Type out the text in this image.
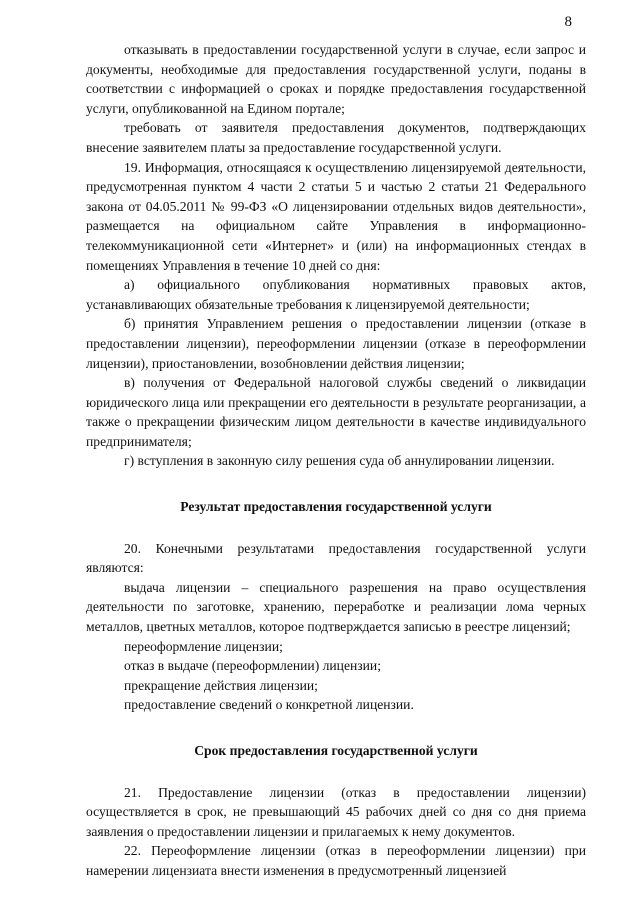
8

отказывать в предоставлении государственной услуги в случае, если запрос и документы, необходимые для предоставления государственной услуги, поданы в соответствии с информацией о сроках и порядке предоставления государственной услуги, опубликованной на Едином портале;

требовать от заявителя предоставления документов, подтверждающих внесение заявителем платы за предоставление государственной услуги.

19. Информация, относящаяся к осуществлению лицензируемой деятельности, предусмотренная пунктом 4 части 2 статьи 5 и частью 2 статьи 21 Федерального закона от 04.05.2011 № 99-ФЗ «О лицензировании отдельных видов деятельности», размещается на официальном сайте Управления в информационно-телекоммуникационной сети «Интернет» и (или) на информационных стендах в помещениях Управления в течение 10 дней со дня:

а) официального опубликования нормативных правовых актов, устанавливающих обязательные требования к лицензируемой деятельности;

б) принятия Управлением решения о предоставлении лицензии (отказе в предоставлении лицензии), переоформлении лицензии (отказе в переоформлении лицензии), приостановлении, возобновлении действия лицензии;

в) получения от Федеральной налоговой службы сведений о ликвидации юридического лица или прекращении его деятельности в результате реорганизации, а также о прекращении физическим лицом деятельности в качестве индивидуального предпринимателя;

г) вступления в законную силу решения суда об аннулировании лицензии.

Результат предоставления государственной услуги

20. Конечными результатами предоставления государственной услуги являются:

выдача лицензии – специального разрешения на право осуществления деятельности по заготовке, хранению, переработке и реализации лома черных металлов, цветных металлов, которое подтверждается записью в реестре лицензий;

переоформление лицензии;

отказ в выдаче (переоформлении) лицензии;

прекращение действия лицензии;

предоставление сведений о конкретной лицензии.

Срок предоставления государственной услуги

21. Предоставление лицензии (отказ в предоставлении лицензии) осуществляется в срок, не превышающий 45 рабочих дней со дня со дня приема заявления о предоставлении лицензии и прилагаемых к нему документов.

22. Переоформление лицензии (отказ в переоформлении лицензии) при намерении лицензиата внести изменения в предусмотренный лицензией
